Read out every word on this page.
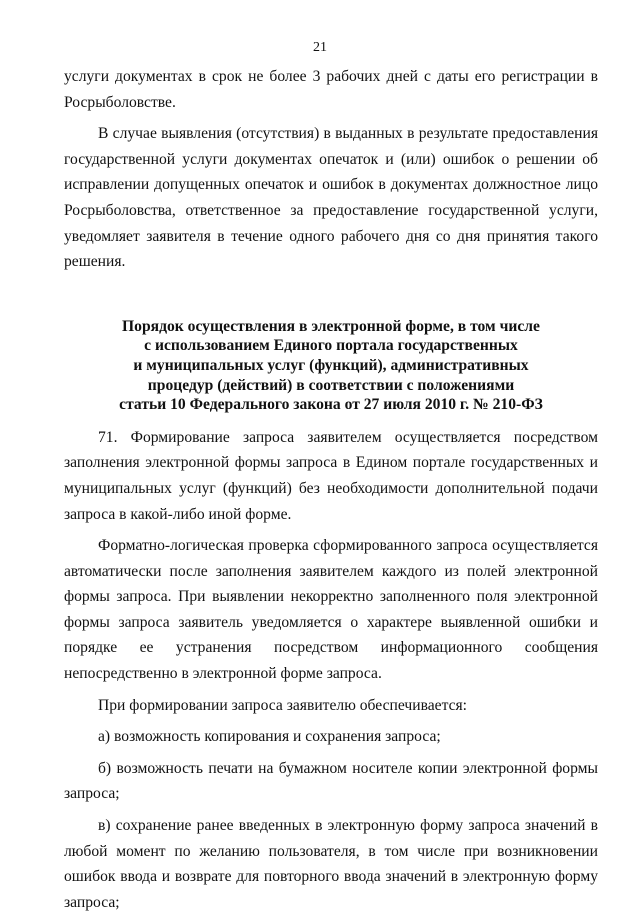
21

услуги документах в срок не более 3 рабочих дней с даты его регистрации в Росрыболовстве.

В случае выявления (отсутствия) в выданных в результате предоставления государственной услуги документах опечаток и (или) ошибок о решении об исправлении допущенных опечаток и ошибок в документах должностное лицо Росрыболовства, ответственное за предоставление государственной услуги, уведомляет заявителя в течение одного рабочего дня со дня принятия такого решения.

Порядок осуществления в электронной форме, в том числе
с использованием Единого портала государственных
и муниципальных услуг (функций), административных
процедур (действий) в соответствии с положениями
статьи 10 Федерального закона от 27 июля 2010 г. № 210-ФЗ

71. Формирование запроса заявителем осуществляется посредством заполнения электронной формы запроса в Едином портале государственных и муниципальных услуг (функций) без необходимости дополнительной подачи запроса в какой-либо иной форме.

Форматно-логическая проверка сформированного запроса осуществляется автоматически после заполнения заявителем каждого из полей электронной формы запроса. При выявлении некорректно заполненного поля электронной формы запроса заявитель уведомляется о характере выявленной ошибки и порядке ее устранения посредством информационного сообщения непосредственно в электронной форме запроса.

При формировании запроса заявителю обеспечивается:

а) возможность копирования и сохранения запроса;

б) возможность печати на бумажном носителе копии электронной формы запроса;

в) сохранение ранее введенных в электронную форму запроса значений в любой момент по желанию пользователя, в том числе при возникновении ошибок ввода и возврате для повторного ввода значений в электронную форму запроса;
